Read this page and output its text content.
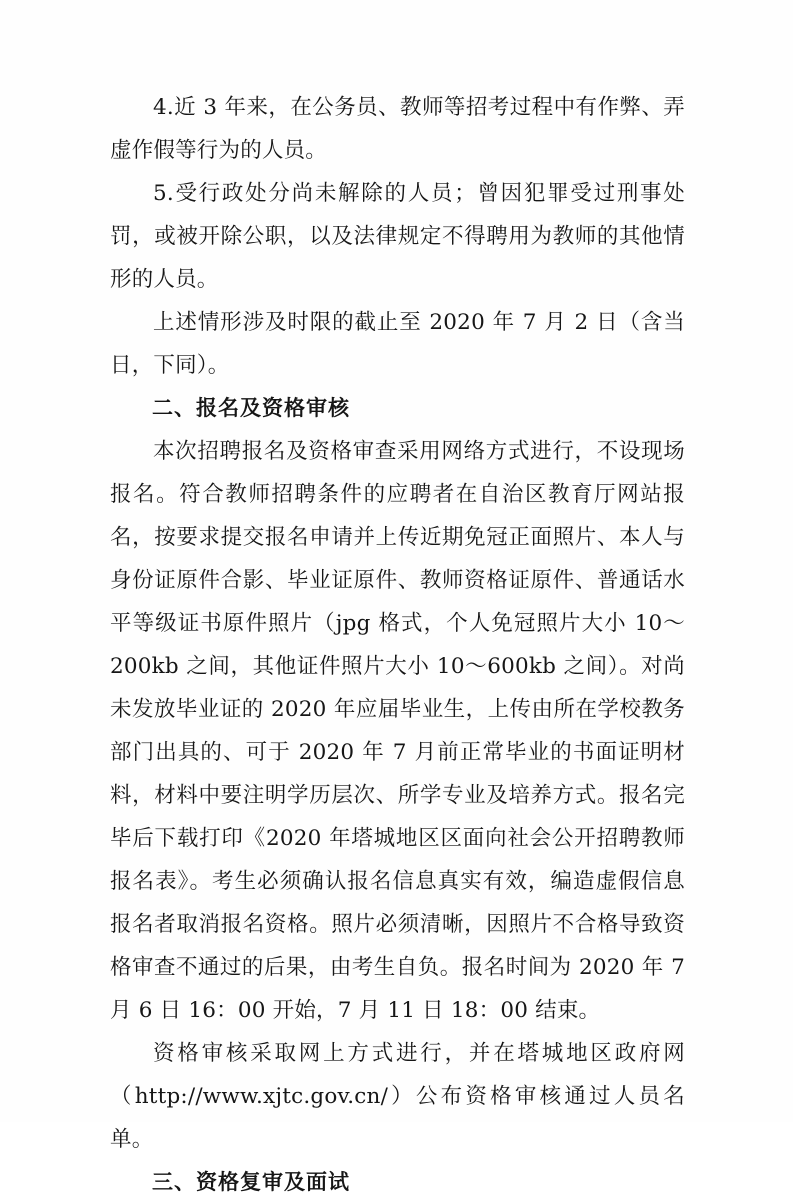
4.近 3 年来，在公务员、教师等招考过程中有作弊、弄虚作假等行为的人员。

5.受行政处分尚未解除的人员；曾因犯罪受过刑事处罚，或被开除公职，以及法律规定不得聘用为教师的其他情形的人员。

上述情形涉及时限的截止至 2020 年 7 月 2 日（含当日，下同）。

二、报名及资格审核

本次招聘报名及资格审查采用网络方式进行，不设现场报名。符合教师招聘条件的应聘者在自治区教育厅网站报名，按要求提交报名申请并上传近期免冠正面照片、本人与身份证原件合影、毕业证原件、教师资格证原件、普通话水平等级证书原件照片（jpg 格式，个人免冠照片大小 10～200kb 之间，其他证件照片大小 10～600kb 之间）。对尚未发放毕业证的 2020 年应届毕业生，上传由所在学校教务部门出具的、可于 2020 年 7 月前正常毕业的书面证明材料，材料中要注明学历层次、所学专业及培养方式。报名完毕后下载打印《2020 年塔城地区区面向社会公开招聘教师报名表》。考生必须确认报名信息真实有效，编造虚假信息报名者取消报名资格。照片必须清晰，因照片不合格导致资格审查不通过的后果，由考生自负。报名时间为 2020 年 7 月 6 日 16：00 开始，7 月 11 日 18：00 结束。

资格审核采取网上方式进行，并在塔城地区政府网（http://www.xjtc.gov.cn/）公布资格审核通过人员名单。

三、资格复审及面试
